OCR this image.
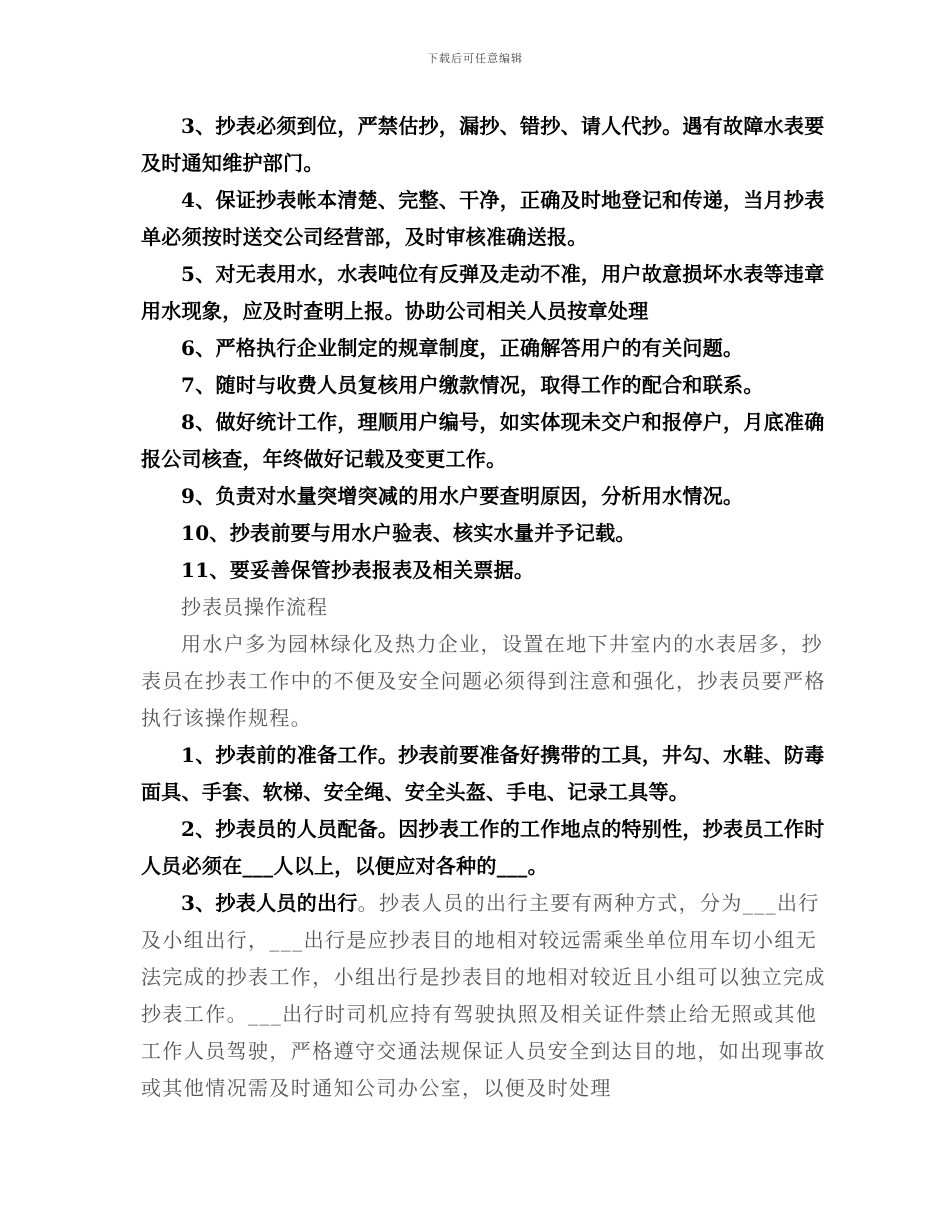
下载后可任意编辑

3、抄表必须到位，严禁估抄，漏抄、错抄、请人代抄。遇有故障水表要及时通知维护部门。

4、保证抄表帐本清楚、完整、干净，正确及时地登记和传递，当月抄表单必须按时送交公司经营部，及时审核准确送报。

5、对无表用水，水表吨位有反弹及走动不准，用户故意损坏水表等违章用水现象，应及时查明上报。协助公司相关人员按章处理

6、严格执行企业制定的规章制度，正确解答用户的有关问题。

7、随时与收费人员复核用户缴款情况，取得工作的配合和联系。

8、做好统计工作，理顺用户编号，如实体现未交户和报停户，月底准确报公司核查，年终做好记载及变更工作。

9、负责对水量突增突减的用水户要查明原因，分析用水情况。

10、抄表前要与用水户验表、核实水量并予记载。

11、要妥善保管抄表报表及相关票据。

抄表员操作流程

用水户多为园林绿化及热力企业，设置在地下井室内的水表居多，抄表员在抄表工作中的不便及安全问题必须得到注意和强化，抄表员要严格执行该操作规程。

1、抄表前的准备工作。抄表前要准备好携带的工具，井勾、水鞋、防毒面具、手套、软梯、安全绳、安全头盔、手电、记录工具等。

2、抄表员的人员配备。因抄表工作的工作地点的特别性，抄表员工作时人员必须在___人以上，以便应对各种的___。

3、抄表人员的出行。抄表人员的出行主要有两种方式，分为___出行及小组出行，___出行是应抄表目的地相对较远需乘坐单位用车切小组无法完成的抄表工作，小组出行是抄表目的地相对较近且小组可以独立完成抄表工作。___出行时司机应持有驾驶执照及相关证件禁止给无照或其他工作人员驾驶，严格遵守交通法规保证人员安全到达目的地，如出现事故或其他情况需及时通知公司办公室，以便及时处理
